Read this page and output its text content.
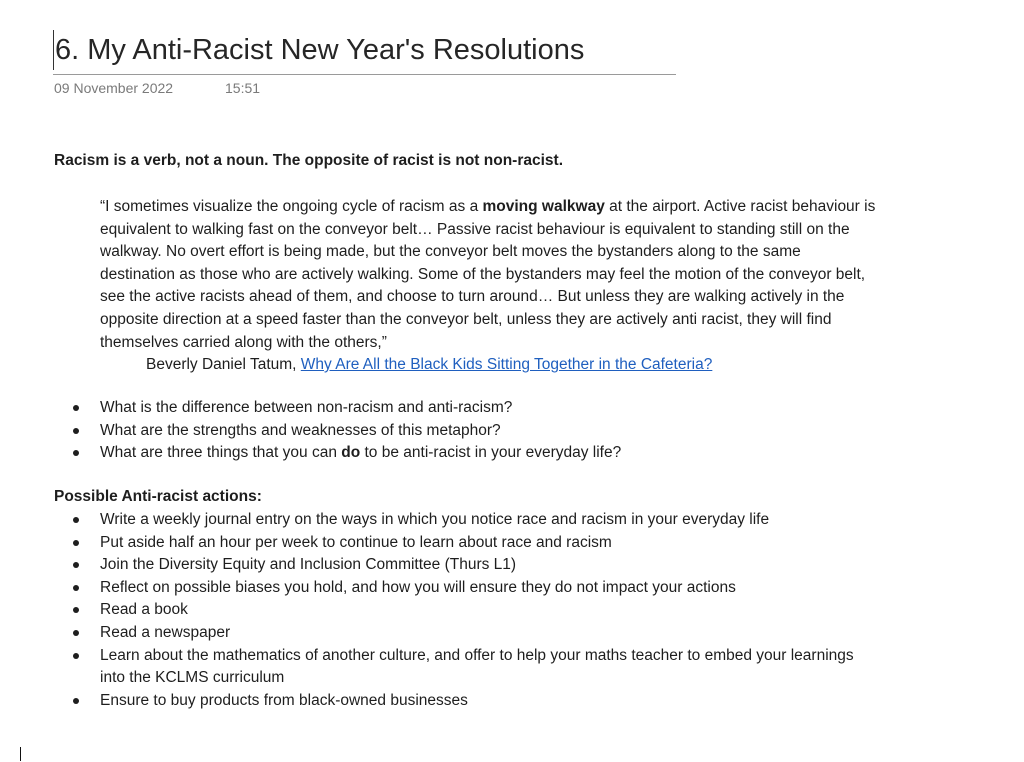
6. My Anti-Racist New Year's Resolutions
09 November 2022	15:51
Racism is a verb, not a noun. The opposite of racist is not non-racist.
“I sometimes visualize the ongoing cycle of racism as a moving walkway at the airport. Active racist behaviour is
equivalent to walking fast on the conveyor belt… Passive racist behaviour is equivalent to standing still on the
walkway. No overt effort is being made, but the conveyor belt moves the bystanders along to the same
destination as those who are actively walking. Some of the bystanders may feel the motion of the conveyor belt,
see the active racists ahead of them, and choose to turn around… But unless they are walking actively in the
opposite direction at a speed faster than the conveyor belt, unless they are actively anti racist, they will find
themselves carried along with the others,”
Beverly Daniel Tatum, Why Are All the Black Kids Sitting Together in the Cafeteria?
What is the difference between non-racism and anti-racism?
What are the strengths and weaknesses of this metaphor?
What are three things that you can do to be anti-racist in your everyday life?
Possible Anti-racist actions:
Write a weekly journal entry on the ways in which you notice race and racism in your everyday life
Put aside half an hour per week to continue to learn about race and racism
Join the Diversity Equity and Inclusion Committee (Thurs L1)
Reflect on possible biases you hold, and how you will ensure they do not impact your actions
Read a book
Read a newspaper
Learn about the mathematics of another culture, and offer to help your maths teacher to embed your learnings
into the KCLMS curriculum
Ensure to buy products from black-owned businesses
